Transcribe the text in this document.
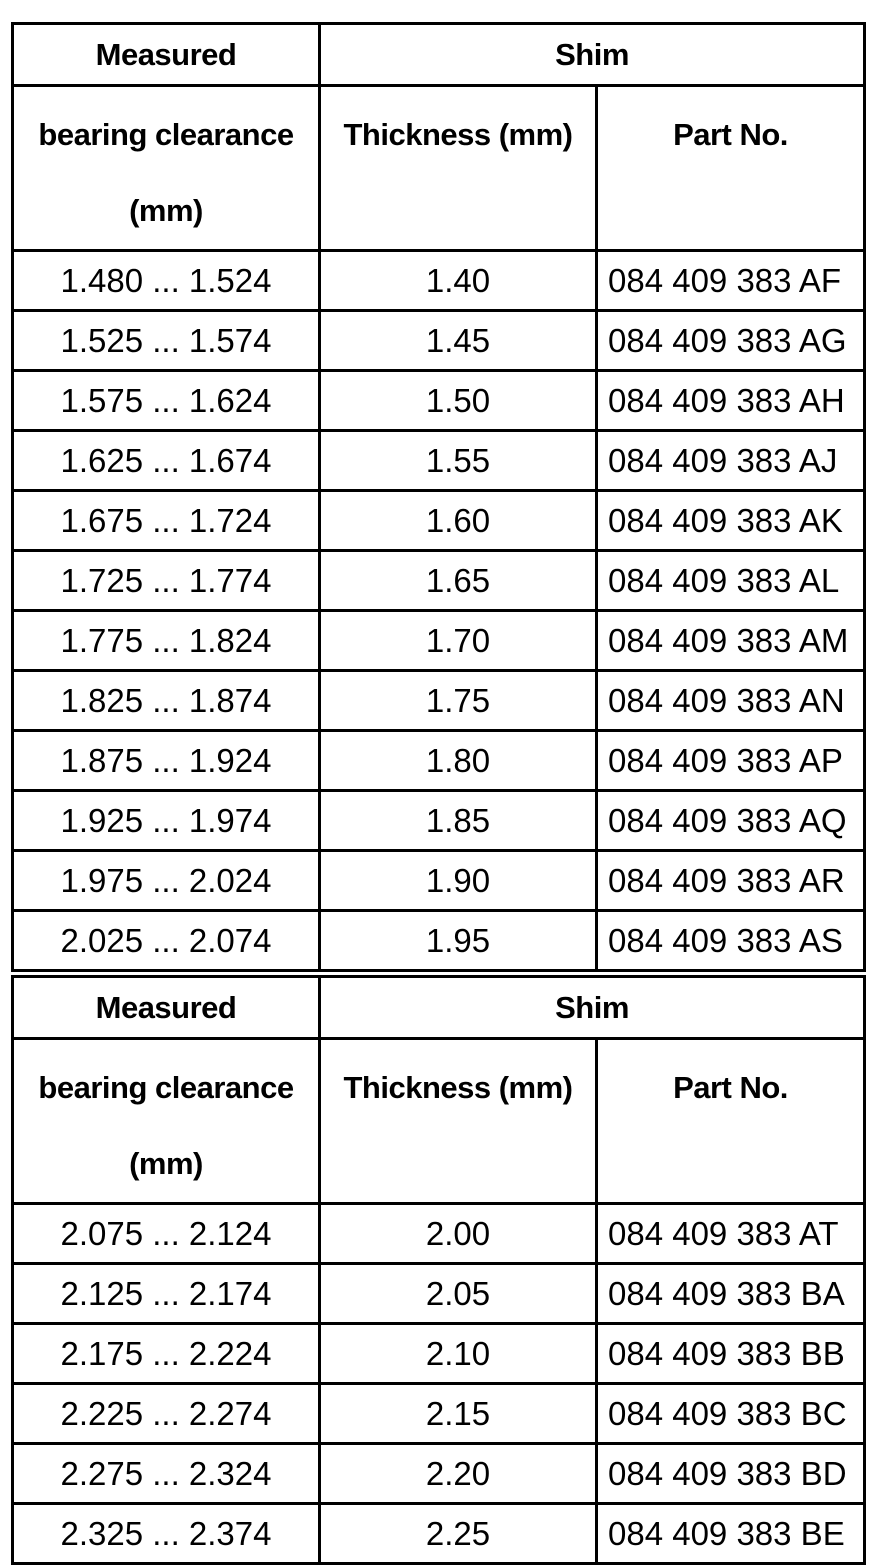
Measured	Shim	
bearing clearance
(mm)	Thickness (mm)	Part No.
1.480 ... 1.524	1.40	084 409 383 AF
1.525 ... 1.574	1.45	084 409 383 AG
1.575 ... 1.624	1.50	084 409 383 AH
1.625 ... 1.674	1.55	084 409 383 AJ
1.675 ... 1.724	1.60	084 409 383 AK
1.725 ... 1.774	1.65	084 409 383 AL
1.775 ... 1.824	1.70	084 409 383 AM
1.825 ... 1.874	1.75	084 409 383 AN
1.875 ... 1.924	1.80	084 409 383 AP
1.925 ... 1.974	1.85	084 409 383 AQ
1.975 ... 2.024	1.90	084 409 383 AR
2.025 ... 2.074	1.95	084 409 383 AS
Measured	Shim	
bearing clearance
(mm)	Thickness (mm)	Part No.
2.075 ... 2.124	2.00	084 409 383 AT
2.125 ... 2.174	2.05	084 409 383 BA
2.175 ... 2.224	2.10	084 409 383 BB
2.225 ... 2.274	2.15	084 409 383 BC
2.275 ... 2.324	2.20	084 409 383 BD
2.325 ... 2.374	2.25	084 409 383 BE
